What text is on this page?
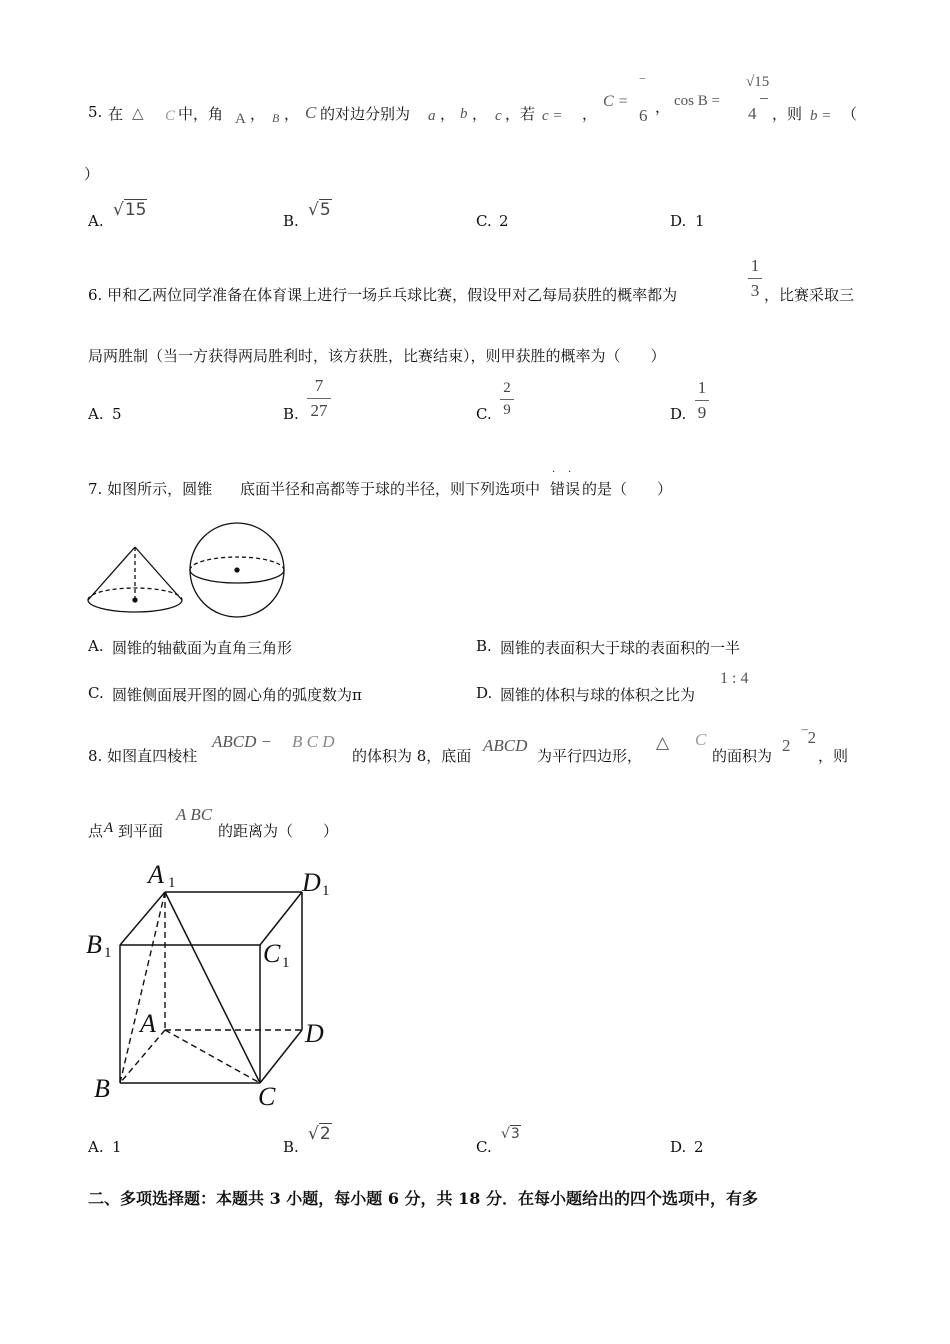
5. 在 △ C 中，角 A ， B ， C 的对边分别为 a ， b ， c ，若 c = ，
C =
‾
6 ， cos B =
√15
4 ，则 b = （
）
A.
√15
B.
√5
C. 2	D. 1
6. 甲和乙两位同学准备在体育课上进行一场乒乓球比赛，假设甲对乙每局获胜的概率都为
1
3 ，比赛采取三
局两胜制（当一方获得两局胜利时，该方获胜，比赛结束），则甲获胜的概率为（　　）
A. 5	B.
7
27	C.
2
9	D.
1
9
7. 如图所示，圆锥 底面半径和高都等于球的半径，则下列选项中 错误
· ·
的是（　　）
A. 圆锥的轴截面为直角三角形	B. 圆锥的表面积大于球的表面积的一半
C. 圆锥侧面展开图的圆心角的弧度数为π	D. 圆锥的体积与球的体积之比为
1 : 4
8. 如图直四棱柱
ABCD − B C D
的体积为 8，底面
ABCD
为平行四边形，
△ C
的面积为
2 ‾2
，则
点 A 到平面
A BC
的距离为（　　）
A 1	D 1
B 1	C 1
A	D
B	C
A. 1	B.
√2
C.
√3
D. 2
二、多项选择题：本题共 3 小题，每小题 6 分，共 18 分．在每小题给出的四个选项中，有多
